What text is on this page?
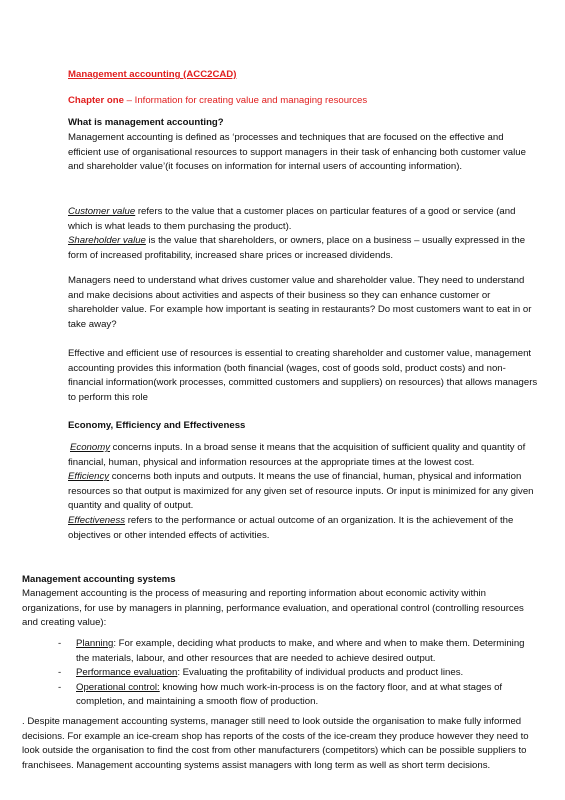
Management accounting (ACC2CAD)
Chapter one – Information for creating value and managing resources
What is management accounting?
Management accounting is defined as ‘processes and techniques that are focused on the effective and efficient use of organisational resources to support managers in their task of enhancing both customer value and shareholder value’(it focuses on information for internal users of accounting information).
Customer value refers to the value that a customer places on particular features of a good or service (and which is what leads to them purchasing the product).
Shareholder value is the value that shareholders, or owners, place on a business – usually expressed in the form of increased profitability, increased share prices or increased dividends.
Managers need to understand what drives customer value and shareholder value. They need to understand and make decisions about activities and aspects of their business so they can enhance customer or shareholder value. For example how important is seating in restaurants? Do most customers want to eat in or take away?
Effective and efficient use of resources is essential to creating shareholder and customer value, management accounting provides this information (both financial (wages, cost of goods sold, product costs) and non-financial information(work processes, committed customers and suppliers) on resources) that allows managers to perform this role
Economy, Efficiency and Effectiveness
Economy concerns inputs. In a broad sense it means that the acquisition of sufficient quality and quantity of financial, human, physical and information resources at the appropriate times at the lowest cost.
Efficiency concerns both inputs and outputs. It means the use of financial, human, physical and information resources so that output is maximized for any given set of resource inputs. Or input is minimized for any given quantity and quality of output.
Effectiveness refers to the performance or actual outcome of an organization. It is the achievement of the objectives or other intended effects of activities.
Management accounting systems
Management accounting is the process of measuring and reporting information about economic activity within organizations, for use by managers in planning, performance evaluation, and operational control (controlling resources and creating value):
- Planning: For example, deciding what products to make, and where and when to make them. Determining the materials, labour, and other resources that are needed to achieve desired output.
- Performance evaluation: Evaluating the profitability of individual products and product lines.
- Operational control: knowing how much work-in-process is on the factory floor, and at what stages of completion, and maintaining a smooth flow of production.
. Despite management accounting systems, manager still need to look outside the organisation to make fully informed decisions. For example an ice-cream shop has reports of the costs of the ice-cream they produce however they need to look outside the organisation to find the cost from other manufacturers (competitors) which can be possible suppliers to franchisees. Management accounting systems assist managers with long term as well as short term decisions.
